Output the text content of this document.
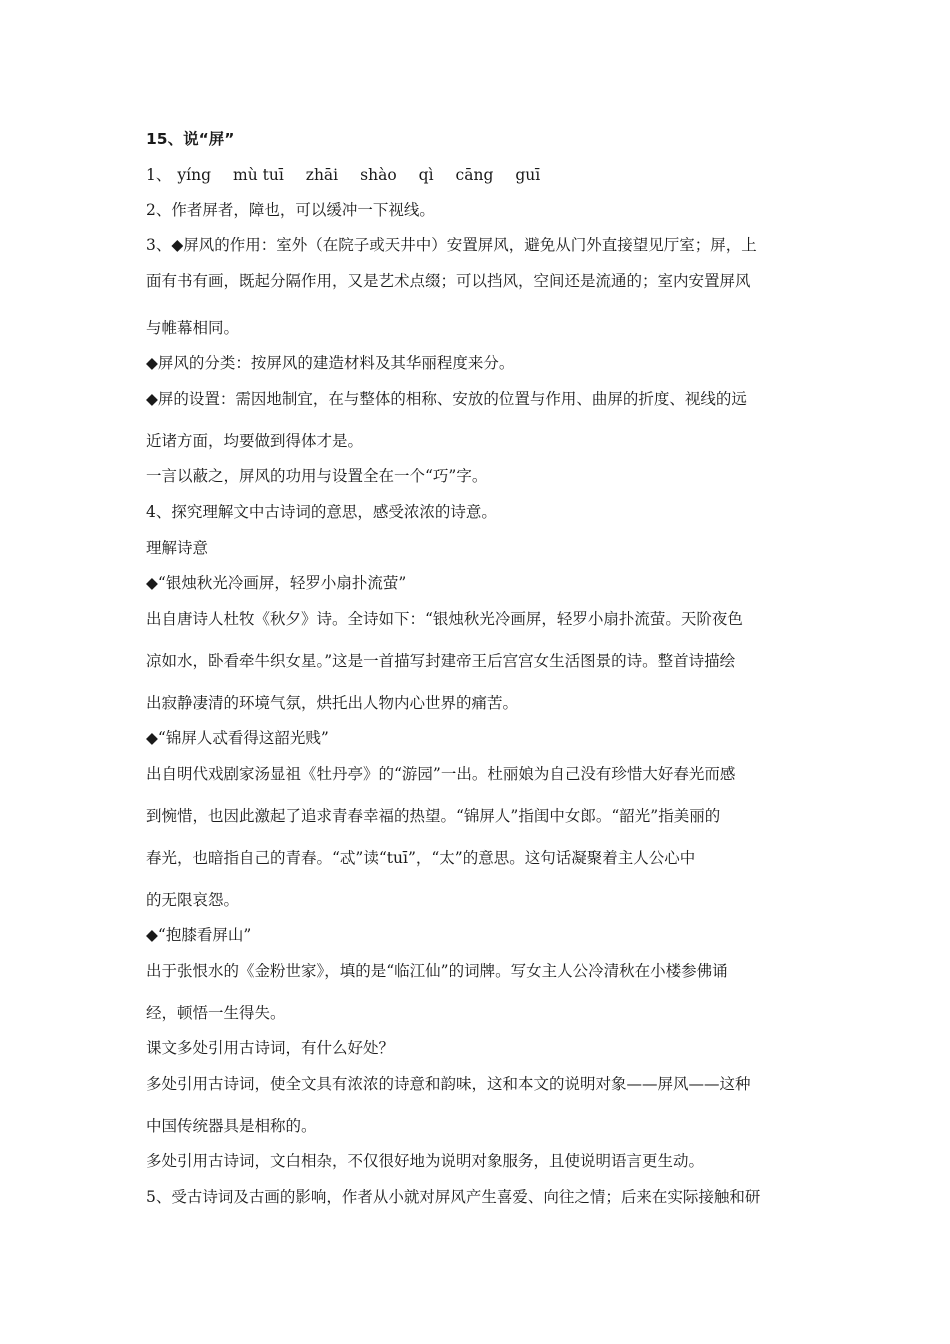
15、说“屏”
1、 yíng mù tuī zhāi shào qì cāng guī
2、作者屏者，障也，可以缓冲一下视线。
3、◆屏风的作用：室外（在院子或天井中）安置屏风，避免从门外直接望见厅室；屏，上
面有书有画，既起分隔作用，又是艺术点缀；可以挡风，空间还是流通的；室内安置屏风
与帷幕相同。
◆屏风的分类：按屏风的建造材料及其华丽程度来分。
◆屏的设置：需因地制宜，在与整体的相称、安放的位置与作用、曲屏的折度、视线的远
近诸方面，均要做到得体才是。
一言以蔽之，屏风的功用与设置全在一个“巧”字。
4、探究理解文中古诗词的意思，感受浓浓的诗意。
理解诗意
◆“银烛秋光冷画屏，轻罗小扇扑流萤”
出自唐诗人杜牧《秋夕》诗。全诗如下：“银烛秋光冷画屏，轻罗小扇扑流萤。天阶夜色
凉如水，卧看牵牛织女星。”这是一首描写封建帝王后宫宫女生活图景的诗。整首诗描绘
出寂静凄清的环境气氛，烘托出人物内心世界的痛苦。
◆“锦屏人忒看得这韶光贱”
出自明代戏剧家汤显祖《牡丹亭》的“游园”一出。杜丽娘为自己没有珍惜大好春光而感
到惋惜，也因此激起了追求青春幸福的热望。“锦屏人”指闺中女郎。“韶光”指美丽的
春光，也暗指自己的青春。“忒”读“tuī”，“太”的意思。这句话凝聚着主人公心中
的无限哀怨。
◆“抱膝看屏山”
出于张恨水的《金粉世家》，填的是“临江仙”的词牌。写女主人公冷清秋在小楼参佛诵
经，顿悟一生得失。
课文多处引用古诗词，有什么好处？
多处引用古诗词，使全文具有浓浓的诗意和韵味，这和本文的说明对象——屏风——这种
中国传统器具是相称的。
多处引用古诗词，文白相杂，不仅很好地为说明对象服务，且使说明语言更生动。
5、受古诗词及古画的影响，作者从小就对屏风产生喜爱、向往之情；后来在实际接触和研
